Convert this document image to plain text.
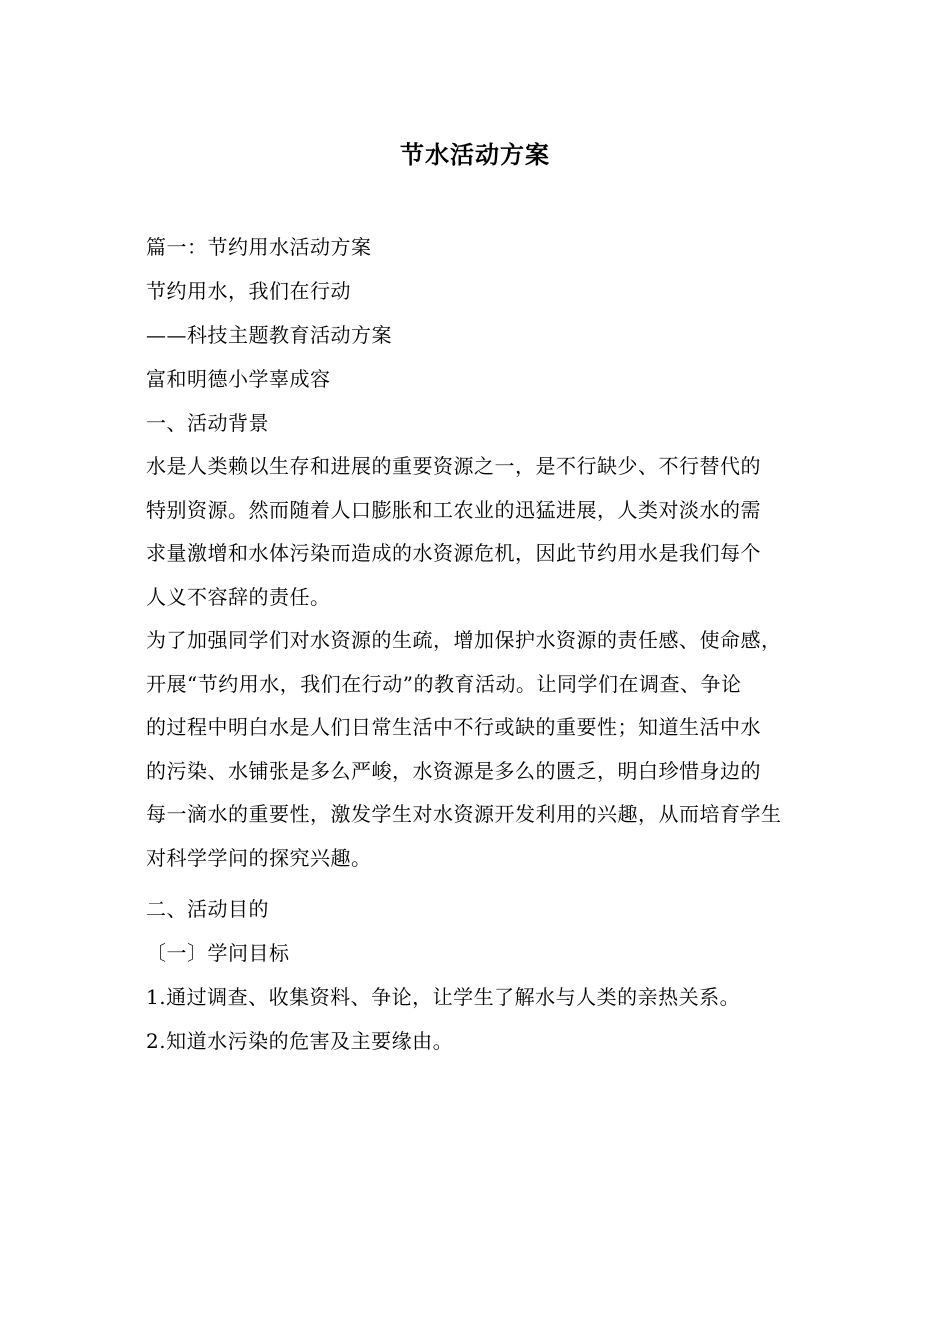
节水活动方案
篇一：节约用水活动方案
节约用水，我们在行动
——科技主题教育活动方案
富和明德小学辜成容
一、活动背景
水是人类赖以生存和进展的重要资源之一，是不行缺少、不行替代的
特别资源。然而随着人口膨胀和工农业的迅猛进展，人类对淡水的需
求量激增和水体污染而造成的水资源危机，因此节约用水是我们每个
人义不容辞的责任。
为了加强同学们对水资源的生疏，增加保护水资源的责任感、使命感，
开展“节约用水，我们在行动”的教育活动。让同学们在调查、争论
的过程中明白水是人们日常生活中不行或缺的重要性；知道生活中水
的污染、水铺张是多么严峻，水资源是多么的匮乏，明白珍惜身边的
每一滴水的重要性，激发学生对水资源开发利用的兴趣，从而培育学生
对科学学问的探究兴趣。
二、活动目的
〔一〕学问目标
1.通过调查、收集资料、争论，让学生了解水与人类的亲热关系。
2.知道水污染的危害及主要缘由。
